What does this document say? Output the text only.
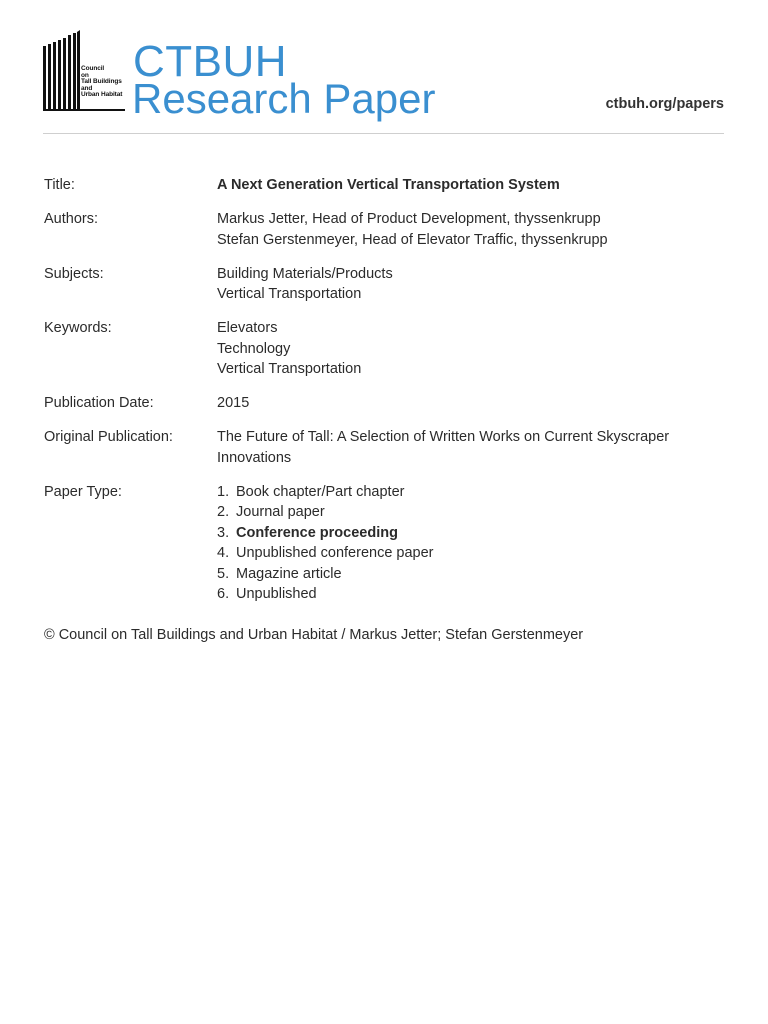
Council
on
Tall Buildings
and
Urban Habitat
CTBUH
Research Paper	ctbuh.org/papers
Title:	A Next Generation Vertical Transportation System
Authors:	Markus Jetter, Head of Product Development, thyssenkrupp
Stefan Gerstenmeyer, Head of Elevator Traffic, thyssenkrupp
Subjects:	Building Materials/Products
Vertical Transportation
Keywords:	Elevators
Technology
Vertical Transportation
Publication Date:	2015
Original Publication:	The Future of Tall: A Selection of Written Works on Current Skyscraper
Innovations
Paper Type:	1. Book chapter/Part chapter
2. Journal paper
3. Conference proceeding
4. Unpublished conference paper
5. Magazine article
6. Unpublished
© Council on Tall Buildings and Urban Habitat / Markus Jetter; Stefan Gerstenmeyer
